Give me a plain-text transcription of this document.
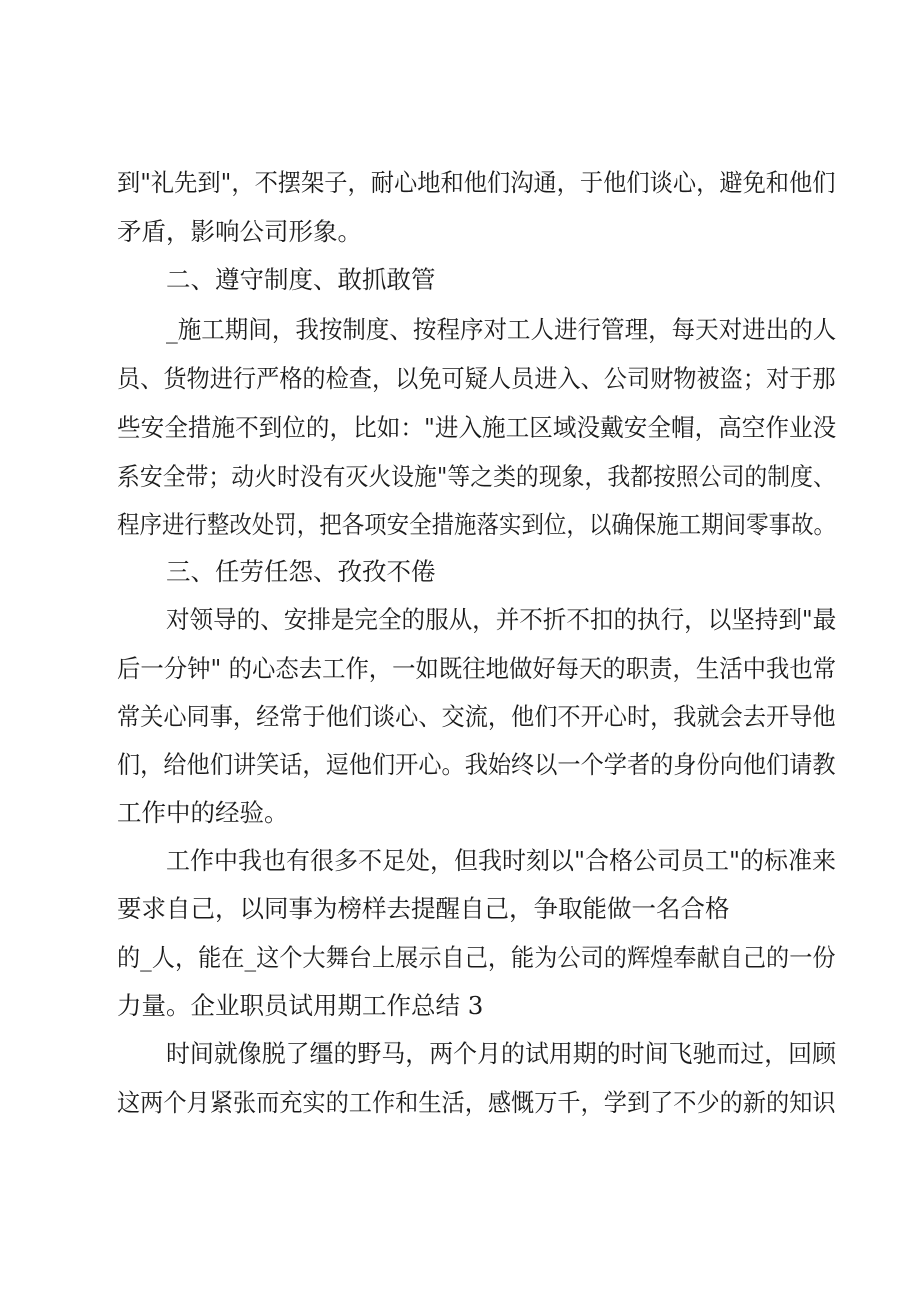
到"礼先到"，不摆架子，耐心地和他们沟通，于他们谈心，避免和他们
矛盾，影响公司形象。
二、遵守制度、敢抓敢管
_施工期间，我按制度、按程序对工人进行管理，每天对进出的人
员、货物进行严格的检查，以免可疑人员进入、公司财物被盗；对于那
些安全措施不到位的，比如："进入施工区域没戴安全帽，高空作业没
系安全带；动火时没有灭火设施"等之类的现象，我都按照公司的制度、
程序进行整改处罚，把各项安全措施落实到位，以确保施工期间零事故。
三、任劳任怨、孜孜不倦
对领导的、安排是完全的服从，并不折不扣的执行，以坚持到"最
后一分钟" 的心态去工作，一如既往地做好每天的职责，生活中我也常
常关心同事，经常于他们谈心、交流，他们不开心时，我就会去开导他
们，给他们讲笑话，逗他们开心。我始终以一个学者的身份向他们请教
工作中的经验。
工作中我也有很多不足处，但我时刻以"合格公司员工"的标准来
要求自己，以同事为榜样去提醒自己，争取能做一名合格
的_人，能在_这个大舞台上展示自己，能为公司的辉煌奉献自己的一份
力量。企业职员试用期工作总结 3
时间就像脱了缰的野马，两个月的试用期的时间飞驰而过，回顾
这两个月紧张而充实的工作和生活，感慨万千，学到了不少的新的知识
